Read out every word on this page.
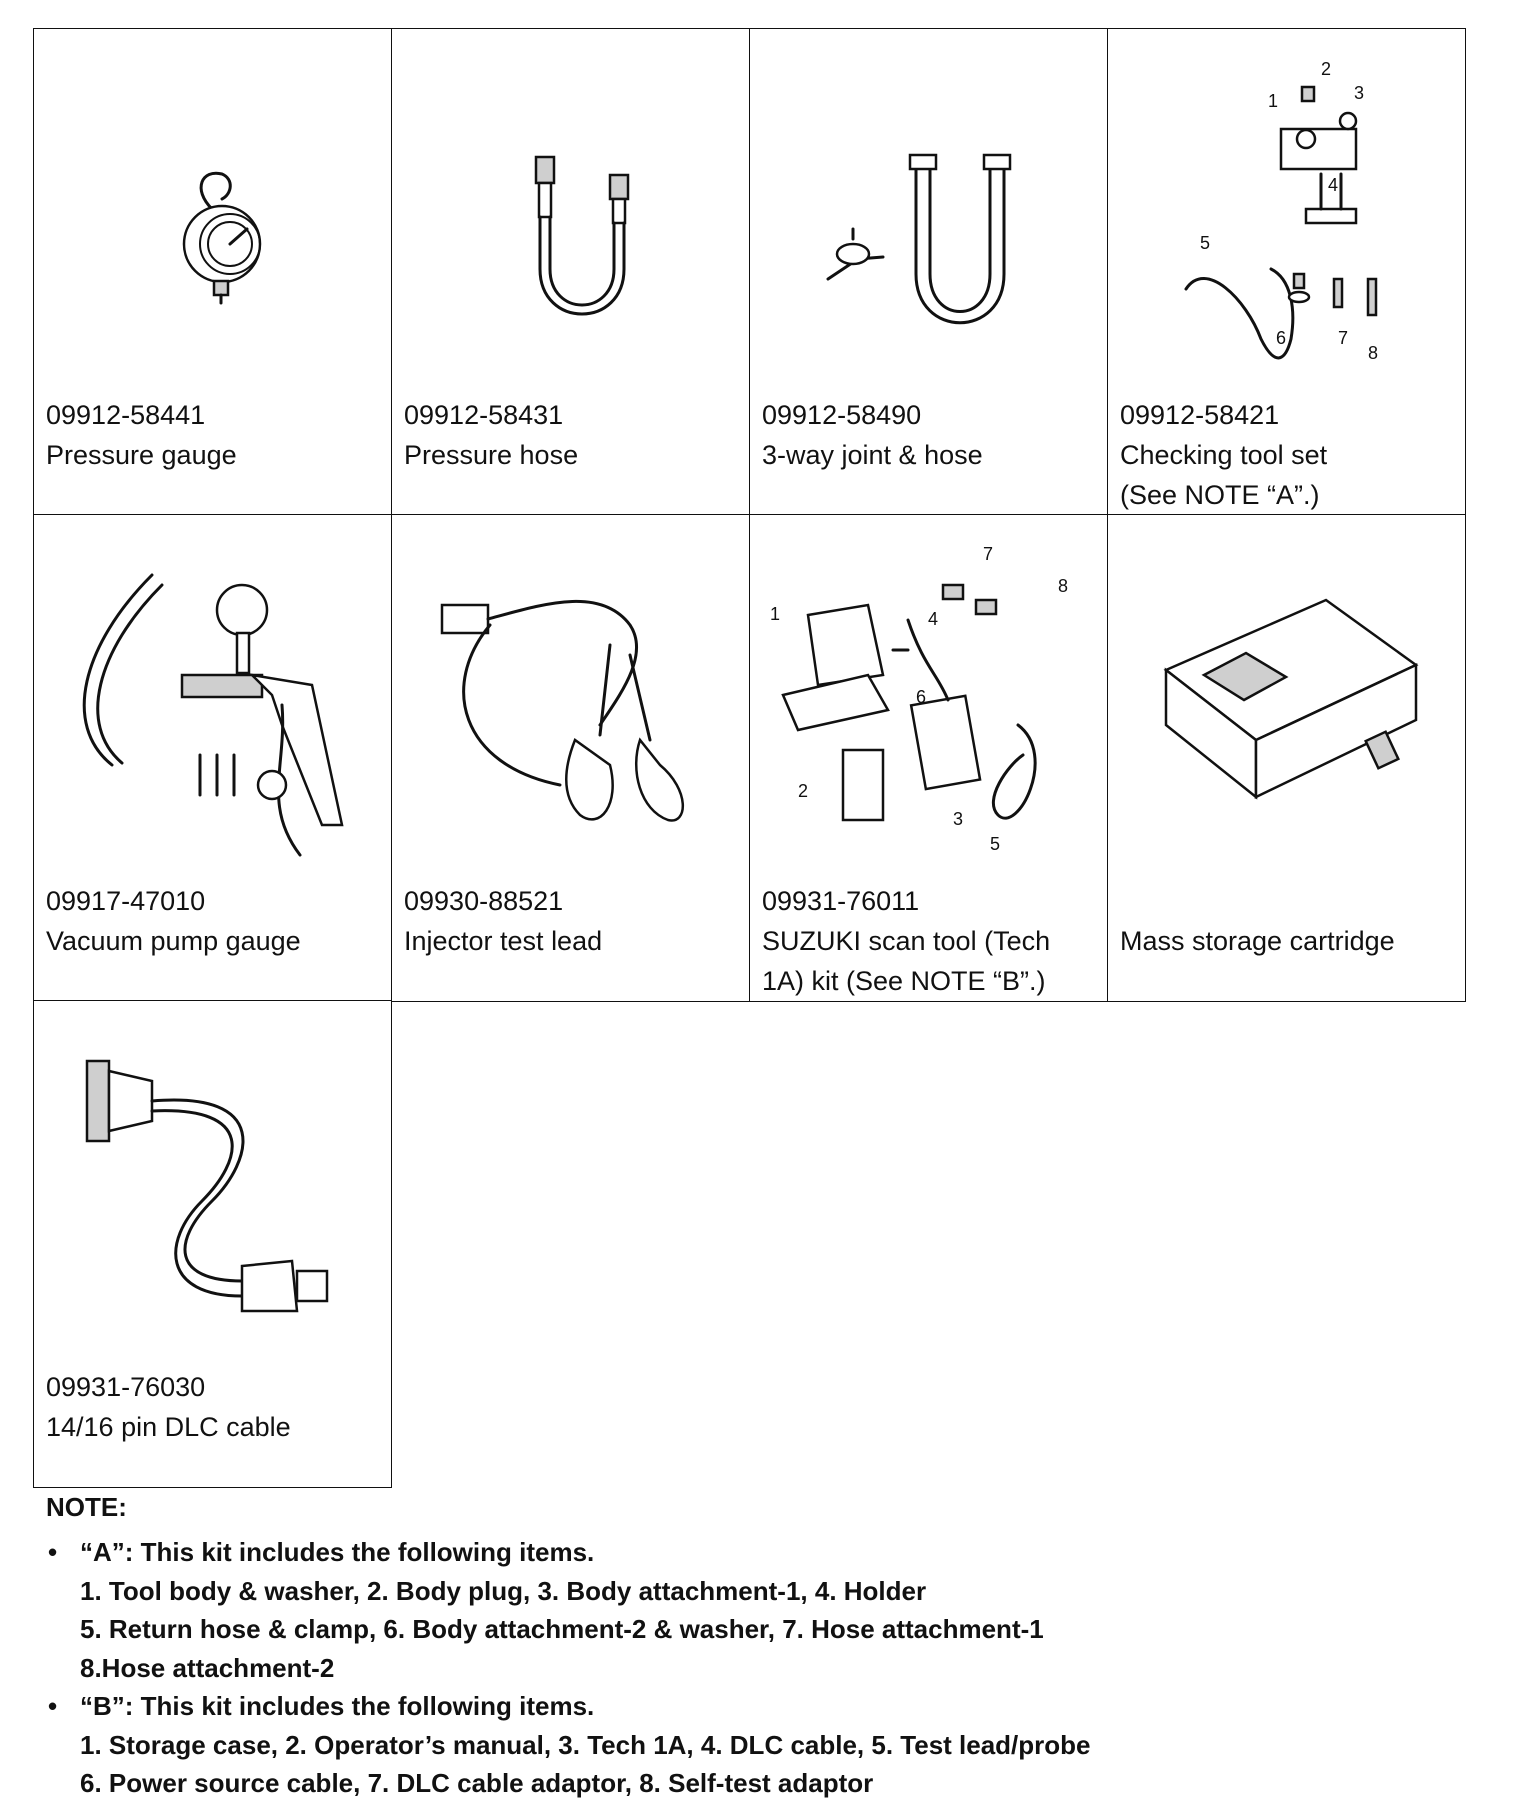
09912-58441
Pressure gauge
09912-58431
Pressure hose
09912-58490
3-way joint & hose
1
2
3
4
5
6	7
8
09912-58421
Checking tool set
(See NOTE “A”.)
09917-47010
Vacuum pump gauge
09930-88521
Injector test lead
1
2
3
4
5
6
7
8
09931-76011
SUZUKI scan tool (Tech
1A) kit (See NOTE “B”.)
Mass storage cartridge
09931-76030
14/16 pin DLC cable
NOTE:
• “A”: This kit includes the following items.
1. Tool body & washer, 2. Body plug, 3. Body attachment-1, 4. Holder
5. Return hose & clamp, 6. Body attachment-2 & washer, 7. Hose attachment-1
8.Hose attachment-2
• “B”: This kit includes the following items.
1. Storage case, 2. Operator’s manual, 3. Tech 1A, 4. DLC cable, 5. Test lead/probe
6. Power source cable, 7. DLC cable adaptor, 8. Self-test adaptor
